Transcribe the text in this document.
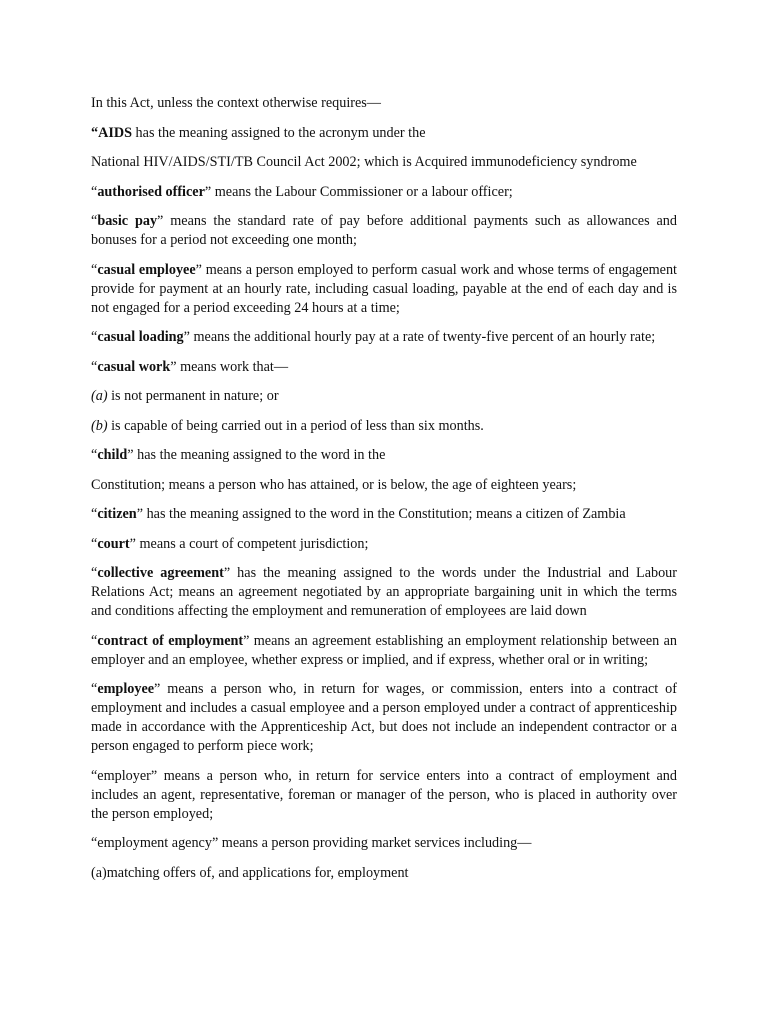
In this Act, unless the context otherwise requires—

“AIDS has the meaning assigned to the acronym under the

National HIV/AIDS/STI/TB Council Act 2002; which is Acquired immunodeficiency syndrome

“authorised officer” means the Labour Commissioner or a labour officer;

“basic pay” means the standard rate of pay before additional payments such as allowances and bonuses for a period not exceeding one month;

“casual employee” means a person employed to perform casual work and whose terms of engagement provide for payment at an hourly rate, including casual loading, payable at the end of each day and is not engaged for a period exceeding 24 hours at a time;

“casual loading” means the additional hourly pay at a rate of twenty-five percent of an hourly rate;

“casual work” means work that—

(a) is not permanent in nature; or

(b) is capable of being carried out in a period of less than six months.

“child” has the meaning assigned to the word in the

Constitution; means a person who has attained, or is below, the age of eighteen years;

“citizen” has the meaning assigned to the word in the Constitution; means a citizen of Zambia

“court” means a court of competent jurisdiction;

“collective agreement” has the meaning assigned to the words under the Industrial and Labour Relations Act; means an agreement negotiated by an appropriate bargaining unit in which the terms and conditions affecting the employment and remuneration of employees are laid down

“contract of employment” means an agreement establishing an employment relationship between an employer and an employee, whether express or implied, and if express, whether oral or in writing;

“employee” means a person who, in return for wages, or commission, enters into a contract of employment and includes a casual employee and a person employed under a contract of apprenticeship made in accordance with the Apprenticeship Act, but does not include an independent contractor or a person engaged to perform piece work;

“employer” means a person who, in return for service enters into a contract of employment and includes an agent, representative, foreman or manager of the person, who is placed in authority over the person employed;

“employment agency” means a person providing market services including—

(a)matching offers of, and applications for, employment
